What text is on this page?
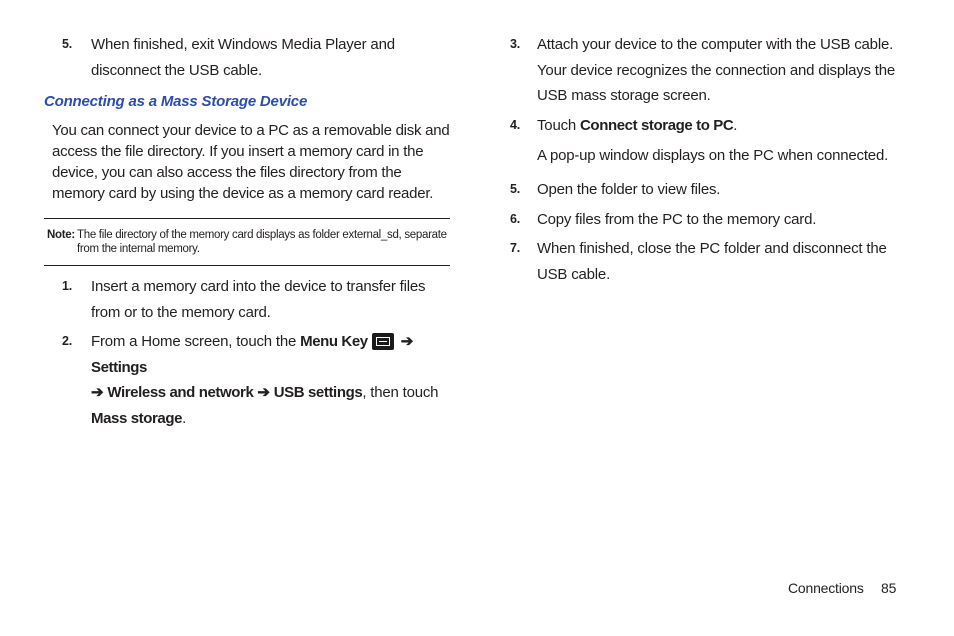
5. When finished, exit Windows Media Player and disconnect the USB cable.
Connecting as a Mass Storage Device
You can connect your device to a PC as a removable disk and access the file directory. If you insert a memory card in the device, you can also access the files directory from the memory card by using the device as a memory card reader.
Note: The file directory of the memory card displays as folder external_sd, separate from the internal memory.
1. Insert a memory card into the device to transfer files from or to the memory card.
2. From a Home screen, touch the Menu Key ➔ Settings
➔ Wireless and network ➔ USB settings, then touch
Mass storage.
3. Attach your device to the computer with the USB cable. Your device recognizes the connection and displays the USB mass storage screen.
4. Touch Connect storage to PC.
A pop-up window displays on the PC when connected.
5. Open the folder to view files.
6. Copy files from the PC to the memory card.
7. When finished, close the PC folder and disconnect the USB cable.
Connections 85
